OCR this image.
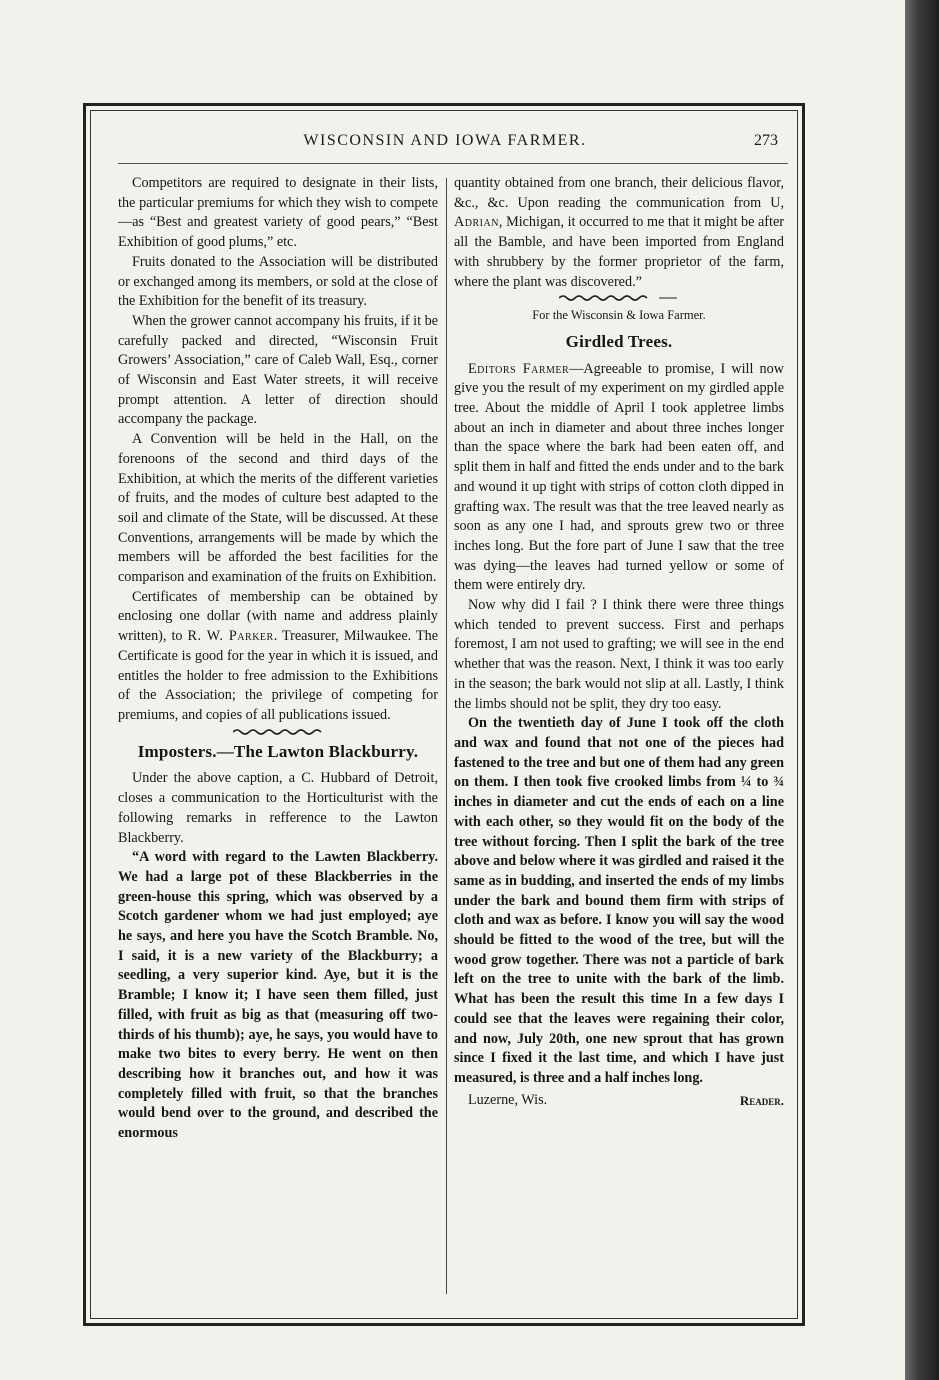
WISCONSIN AND IOWA FARMER.	273

Competitors are required to designate in their lists, the particular premiums for which they wish to compete—as “Best and greatest variety of good pears,” “Best Exhibition of good plums,” etc.

Fruits donated to the Association will be distributed or exchanged among its members, or sold at the close of the Exhibition for the benefit of its treasury.

When the grower cannot accompany his fruits, if it be carefully packed and directed, “Wisconsin Fruit Growers’ Association,” care of Caleb Wall, Esq., corner of Wisconsin and East Water streets, it will receive prompt attention. A letter of direction should accompany the package.

A Convention will be held in the Hall, on the forenoons of the second and third days of the Exhibition, at which the merits of the different varieties of fruits, and the modes of culture best adapted to the soil and climate of the State, will be discussed. At these Conventions, arrangements will be made by which the members will be afforded the best facilities for the comparison and examination of the fruits on Exhibition.

Certificates of membership can be obtained by enclosing one dollar (with name and address plainly written), to R. W. Parker. Treasurer, Milwaukee. The Certificate is good for the year in which it is issued, and entitles the holder to free admission to the Exhibitions of the Association; the privilege of competing for premiums, and copies of all publications issued.

Imposters.—The Lawton Blackburry.

Under the above caption, a C. Hubbard of Detroit, closes a communication to the Horticulturist with the following remarks in refference to the Lawton Blackberry.

“A word with regard to the Lawten Blackberry. We had a large pot of these Blackberries in the green-house this spring, which was observed by a Scotch gardener whom we had just employed; aye he says, and here you have the Scotch Bramble. No, I said, it is a new variety of the Blackburry; a seedling, a very superior kind. Aye, but it is the Bramble; I know it; I have seen them filled, just filled, with fruit as big as that (measuring off two-thirds of his thumb); aye, he says, you would have to make two bites to every berry. He went on then describing how it branches out, and how it was completely filled with fruit, so that the branches would bend over to the ground, and described the enormous

quantity obtained from one branch, their delicious flavor, &c., &c. Upon reading the communication from U, Adrian, Michigan, it occurred to me that it might be after all the Bamble, and have been imported from England with shrubbery by the former proprietor of the farm, where the plant was discovered.”

For the Wisconsin & Iowa Farmer.

Girdled Trees.

Editors Farmer—Agreeable to promise, I will now give you the result of my experiment on my girdled apple tree. About the middle of April I took appletree limbs about an inch in diameter and about three inches longer than the space where the bark had been eaten off, and split them in half and fitted the ends under and to the bark and wound it up tight with strips of cotton cloth dipped in grafting wax. The result was that the tree leaved nearly as soon as any one I had, and sprouts grew two or three inches long. But the fore part of June I saw that the tree was dying—the leaves had turned yellow or some of them were entirely dry.

Now why did I fail ? I think there were three things which tended to prevent success. First and perhaps foremost, I am not used to grafting; we will see in the end whether that was the reason. Next, I think it was too early in the season; the bark would not slip at all. Lastly, I think the limbs should not be split, they dry too easy.

On the twentieth day of June I took off the cloth and wax and found that not one of the pieces had fastened to the tree and but one of them had any green on them. I then took five crooked limbs from ¼ to ¾ inches in diameter and cut the ends of each on a line with each other, so they would fit on the body of the tree without forcing. Then I split the bark of the tree above and below where it was girdled and raised it the same as in budding, and inserted the ends of my limbs under the bark and bound them firm with strips of cloth and wax as before. I know you will say the wood should be fitted to the wood of the tree, but will the wood grow together. There was not a particle of bark left on the tree to unite with the bark of the limb. What has been the result this time In a few days I could see that the leaves were regaining their color, and now, July 20th, one new sprout that has grown since I fixed it the last time, and which I have just measured, is three and a half inches long.

Luzerne, Wis.	Reader.
